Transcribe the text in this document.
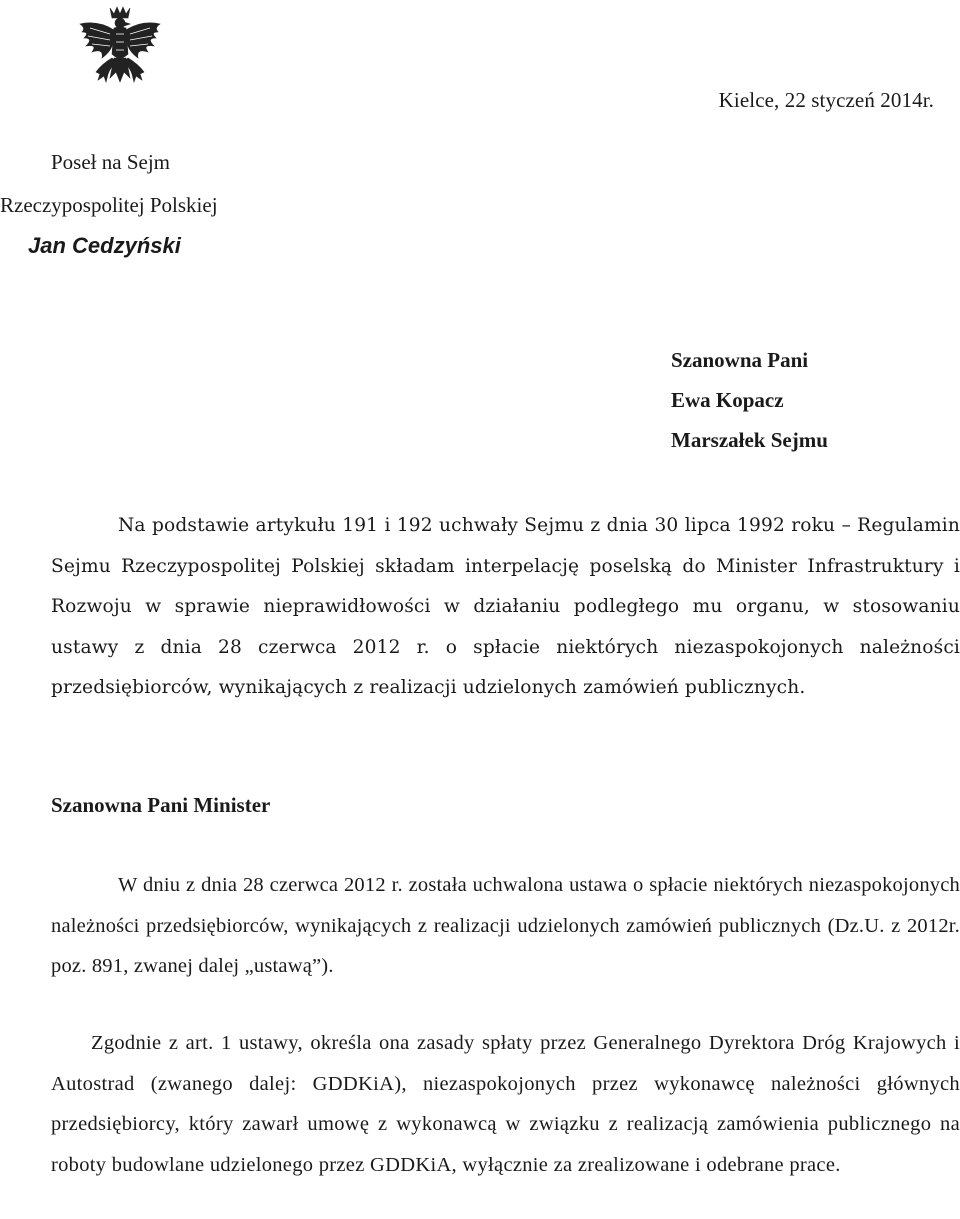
Kielce, 22 styczeń 2014r.
Poseł na Sejm
Rzeczypospolitej Polskiej
Jan Cedzyński
Szanowna Pani
Ewa Kopacz
Marszałek Sejmu
Na podstawie artykułu 191 i 192 uchwały Sejmu z dnia 30 lipca 1992 roku – Regulamin Sejmu Rzeczypospolitej Polskiej składam interpelację poselską do Minister Infrastruktury i Rozwoju w sprawie nieprawidłowości w działaniu podległego mu organu, w stosowaniu ustawy z dnia 28 czerwca 2012 r. o spłacie niektórych niezaspokojonych należności przedsiębiorców, wynikających z realizacji udzielonych zamówień publicznych.
Szanowna Pani Minister
W dniu z dnia 28 czerwca 2012 r. została uchwalona ustawa o spłacie niektórych niezaspokojonych należności przedsiębiorców, wynikających z realizacji udzielonych zamówień publicznych (Dz.U. z 2012r. poz. 891, zwanej dalej „ustawą”).
Zgodnie z art. 1 ustawy, określa ona zasady spłaty przez Generalnego Dyrektora Dróg Krajowych i Autostrad (zwanego dalej: GDDKiA), niezaspokojonych przez wykonawcę należności głównych przedsiębiorcy, który zawarł umowę z wykonawcą w związku z realizacją zamówienia publicznego na roboty budowlane udzielonego przez GDDKiA, wyłącznie za zrealizowane i odebrane prace.
